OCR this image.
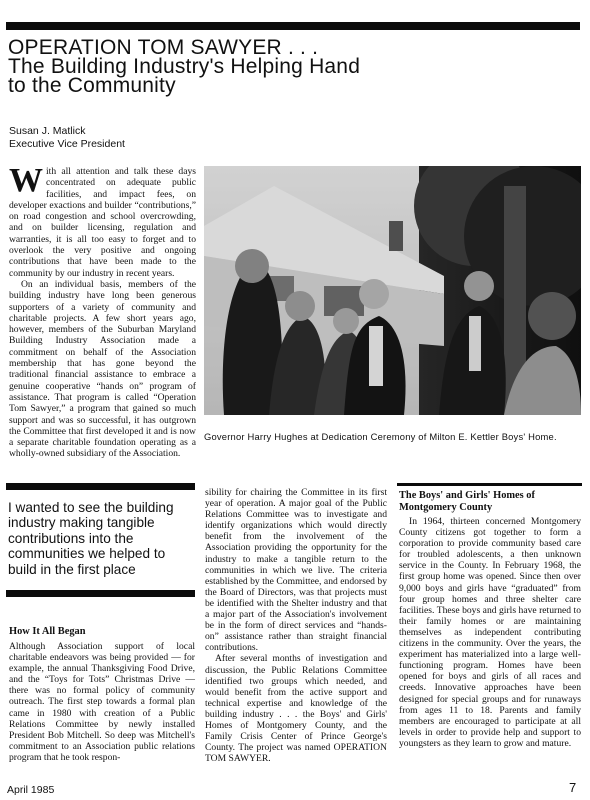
OPERATION TOM SAWYER . . .
The Building Industry's Helping Hand
to the Community
Susan J. Matlick
Executive Vice President

With all attention and talk these days concentrated on adequate public facilities, and impact fees, on developer exactions and builder “contributions,” on road congestion and school overcrowding, and on builder licensing, regulation and warranties, it is all too easy to forget and to overlook the very positive and ongoing contributions that have been made to the community by our industry in recent years.

On an individual basis, members of the building industry have long been generous supporters of a variety of community and charitable projects. A few short years ago, however, members of the Suburban Maryland Building Industry Association made a commitment on behalf of the Association membership that has gone beyond the traditional financial assistance to embrace a genuine cooperative “hands on” program of assistance. That program is called “Operation Tom Sawyer,” a program that gained so much support and was so successful, it has outgrown the Committee that first developed it and is now a separate charitable foundation operating as a wholly-owned subsidiary of the Association.

Governor Harry Hughes at Dedication Ceremony of Milton E. Kettler Boys' Home.
I wanted to see the building industry making tangible contributions into the communities we helped to build in the first place
How It All Began
Although Association support of local charitable endeavors was being provided — for example, the annual Thanksgiving Food Drive, and the “Toys for Tots” Christmas Drive — there was no formal policy of community outreach. The first step towards a formal plan came in 1980 with creation of a Public Relations Committee by newly installed President Bob Mitchell. So deep was Mitchell's commitment to an Association public relations program that he took respon-

sibility for chairing the Committee in its first year of operation. A major goal of the Public Relations Committee was to investigate and identify organizations which would directly benefit from the involvement of the Association providing the opportunity for the industry to make a tangible return to the communities in which we live. The criteria established by the Committee, and endorsed by the Board of Directors, was that projects must be identified with the Shelter industry and that a major part of the Association's involvement be in the form of direct services and “hands-on” assistance rather than straight financial contributions.

After several months of investigation and discussion, the Public Relations Committee identified two groups which needed, and would benefit from the active support and technical expertise and knowledge of the building industry . . . the Boys' and Girls' Homes of Montgomery County, and the Family Crisis Center of Prince George's County. The project was named OPERATION TOM SAWYER.

The Boys' and Girls' Homes of Montgomery County
In 1964, thirteen concerned Montgomery County citizens got together to form a corporation to provide community based care for troubled adolescents, a then unknown service in the County. In February 1968, the first group home was opened. Since then over 9,000 boys and girls have “graduated” from four group homes and three shelter care facilities. These boys and girls have returned to their family homes or are maintaining themselves as independent contributing citizens in the community. Over the years, the experiment has materialized into a large well-functioning program. Homes have been opened for boys and girls of all races and creeds. Innovative approaches have been designed for special groups and for runaways from ages 11 to 18. Parents and family members are encouraged to participate at all levels in order to provide help and support to youngsters as they learn to grow and mature.
April 1985	7
